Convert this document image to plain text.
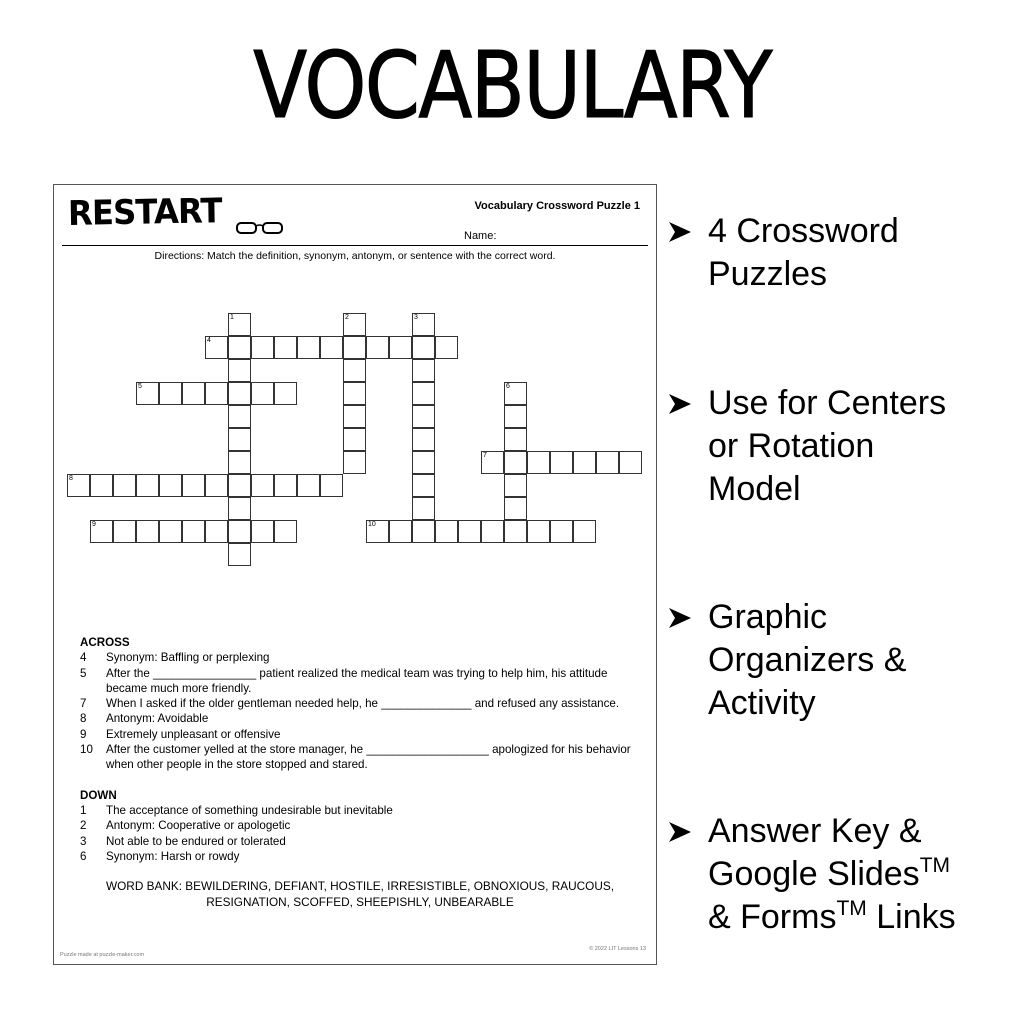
VOCABULARY
RESTART	Vocabulary Crossword Puzzle 1
Name:
Directions: Match the definition, synonym, antonym, or sentence with the correct word.
1	2	3
4
5	6
7
8
9	10
ACROSS
4	Synonym: Baffling or perplexing
5	After the ________________ patient realized the medical team was trying to help him, his attitude became much more friendly.
7	When I asked if the older gentleman needed help, he ______________ and refused any assistance.
8	Antonym: Avoidable
9	Extremely unpleasant or offensive
10	After the customer yelled at the store manager, he ___________________ apologized for his behavior when other people in the store stopped and stared.
DOWN
1	The acceptance of something undesirable but inevitable
2	Antonym: Cooperative or apologetic
3	Not able to be endured or tolerated
6	Synonym: Harsh or rowdy
WORD BANK: BEWILDERING, DEFIANT, HOSTILE, IRRESISTIBLE, OBNOXIOUS, RAUCOUS, RESIGNATION, SCOFFED, SHEEPISHLY, UNBEARABLE
Puzzle made at puzzle-maker.com
© 2022 LIT Lessons 13
4 Crossword
Puzzles
Use for Centers
or Rotation
Model
Graphic
Organizers &
Activity
Answer Key &
Google Slides™
& Forms™ Links
